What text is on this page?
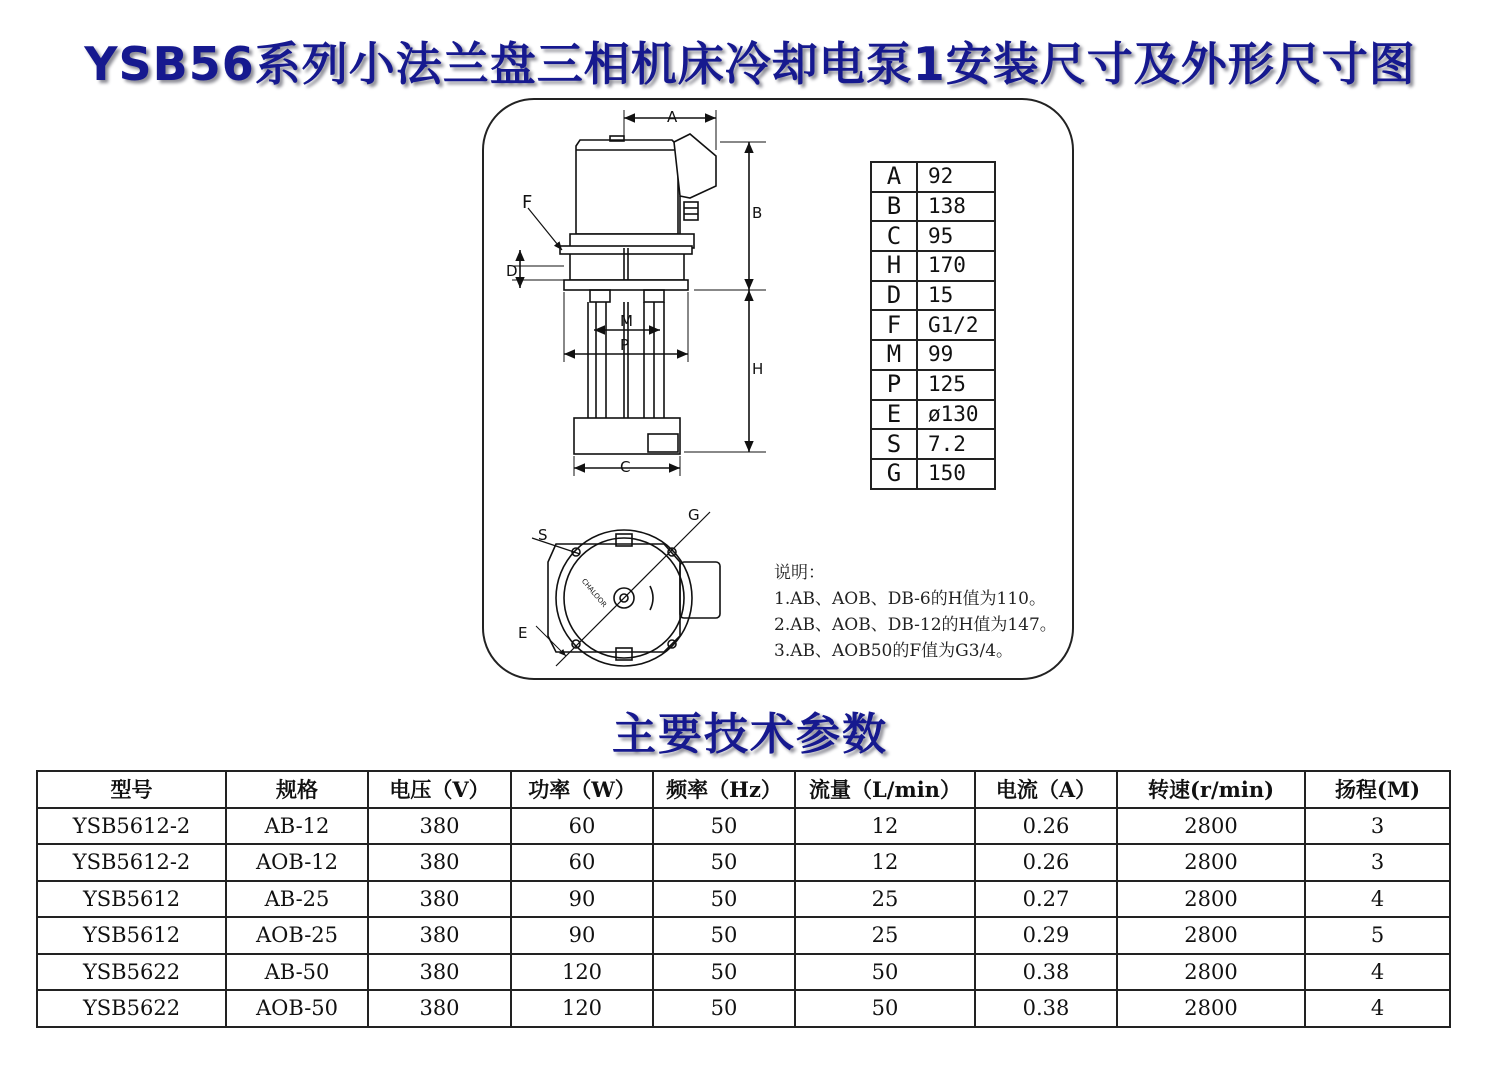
YSB56系列小法兰盘三相机床冷却电泵1安装尺寸及外形尺寸图
A
B
H
C
D
F
M
P
S
G
E
CHALOOR
A	92
B	138
C	95
H	170
D	15
F	G1/2
M	99
P	125
E	ø130
S	7.2
G	150
说明：
1.AB、AOB、DB-6的H值为110。
2.AB、AOB、DB-12的H值为147。
3.AB、AOB50的F值为G3/4。
主要技术参数
型号	规格	电压（V）	功率（W）	频率（Hz）	流量（L/min）	电流（A）	转速(r/min)	扬程(M)
YSB5612-2	AB-12	380	60	50	12	0.26	2800	3
YSB5612-2	AOB-12	380	60	50	12	0.26	2800	3
YSB5612	AB-25	380	90	50	25	0.27	2800	4
YSB5612	AOB-25	380	90	50	25	0.29	2800	5
YSB5622	AB-50	380	120	50	50	0.38	2800	4
YSB5622	AOB-50	380	120	50	50	0.38	2800	4
